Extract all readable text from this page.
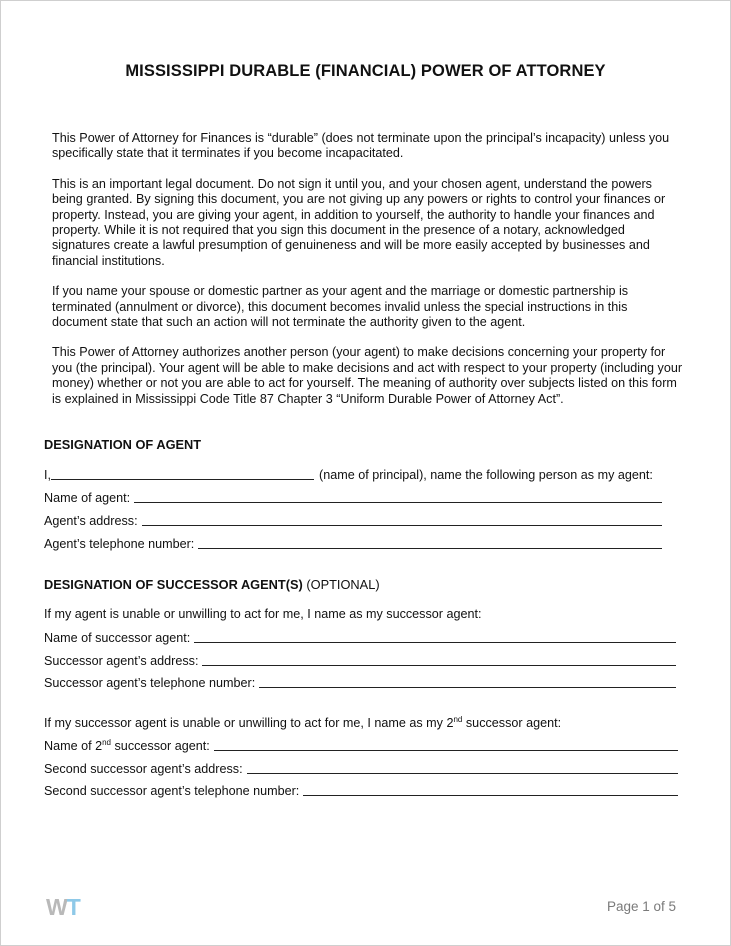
MISSISSIPPI DURABLE (FINANCIAL) POWER OF ATTORNEY

This Power of Attorney for Finances is “durable” (does not terminate upon the principal’s incapacity) unless you specifically state that it terminates if you become incapacitated.

This is an important legal document. Do not sign it until you, and your chosen agent, understand the powers being granted. By signing this document, you are not giving up any powers or rights to control your finances or property. Instead, you are giving your agent, in addition to yourself, the authority to handle your finances and property. While it is not required that you sign this document in the presence of a notary, acknowledged signatures create a lawful presumption of genuineness and will be more easily accepted by businesses and financial institutions.

If you name your spouse or domestic partner as your agent and the marriage or domestic partnership is terminated (annulment or divorce), this document becomes invalid unless the special instructions in this document state that such an action will not terminate the authority given to the agent.

This Power of Attorney authorizes another person (your agent) to make decisions concerning your property for you (the principal). Your agent will be able to make decisions and act with respect to your property (including your money) whether or not you are able to act for yourself. The meaning of authority over subjects listed on this form is explained in Mississippi Code Title 87 Chapter 3 “Uniform Durable Power of Attorney Act”.

DESIGNATION OF AGENT
I,	(name of principal), name the following person as my agent:
Name of agent:
Agent’s address:
Agent’s telephone number:
DESIGNATION OF SUCCESSOR AGENT(S) (OPTIONAL)
If my agent is unable or unwilling to act for me, I name as my successor agent:
Name of successor agent:
Successor agent’s address:
Successor agent’s telephone number:
If my successor agent is unable or unwilling to act for me, I name as my 2nd successor agent:
Name of 2nd successor agent:
Second successor agent’s address:
Second successor agent’s telephone number:
WT	Page 1 of 5
